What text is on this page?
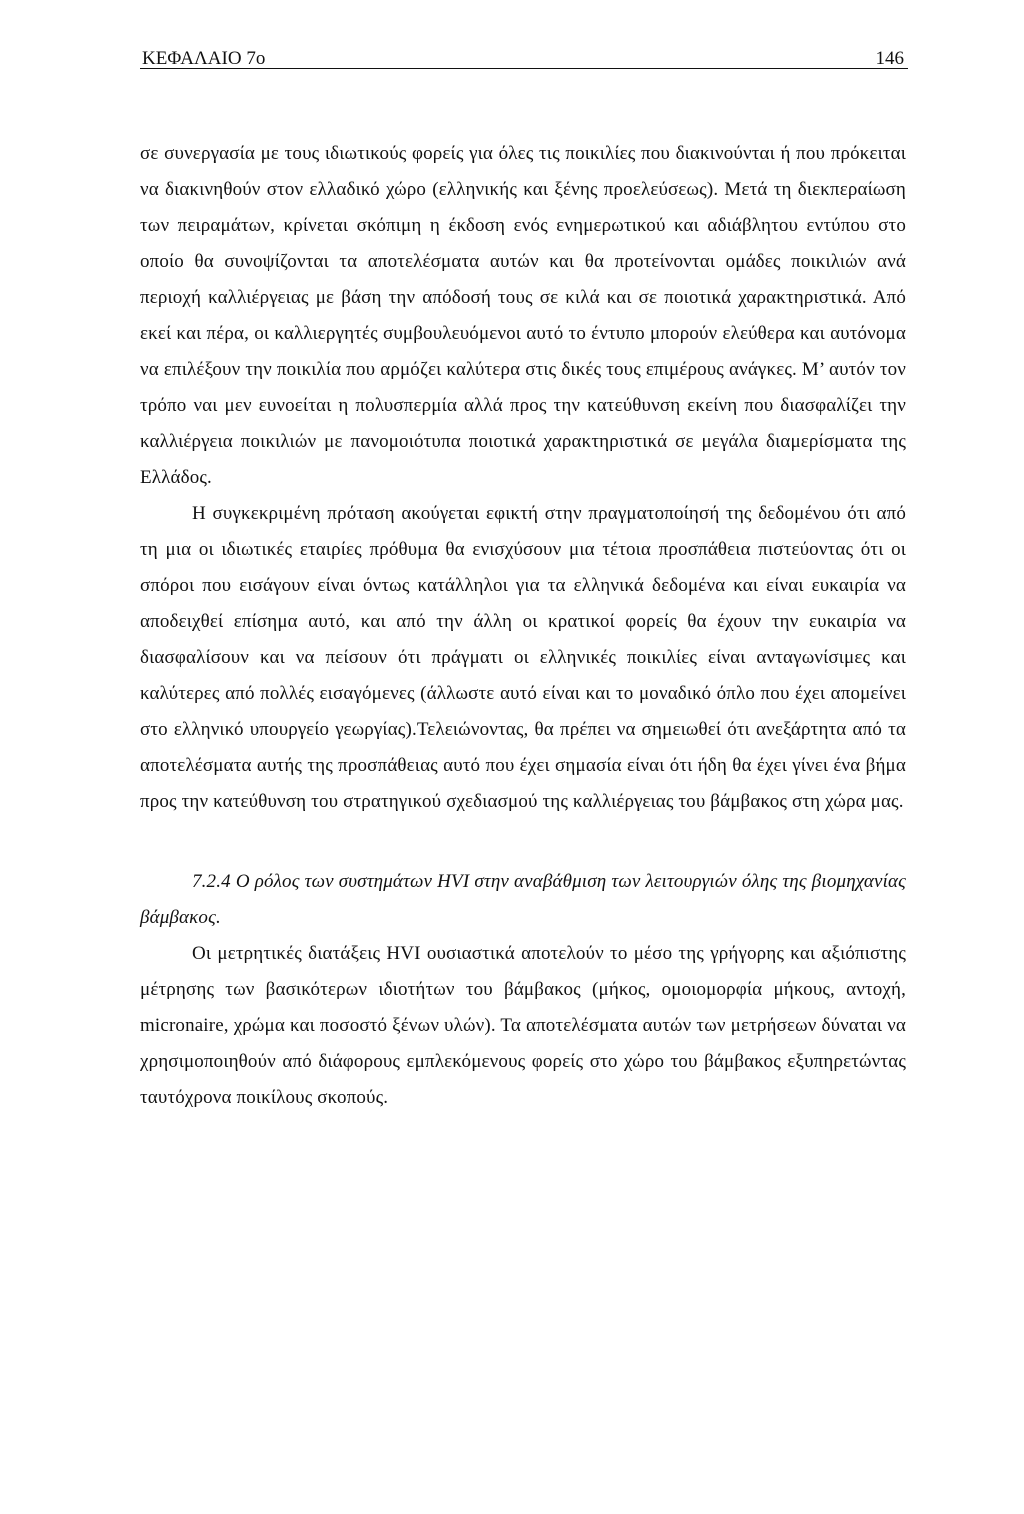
ΚΕΦΑΛΑΙΟ 7ο	146

σε συνεργασία με τους ιδιωτικούς φορείς για όλες τις ποικιλίες που διακινούνται ή που πρόκειται να διακινηθούν στον ελλαδικό χώρο (ελληνικής και ξένης προελεύσεως). Μετά τη διεκπεραίωση των πειραμάτων, κρίνεται σκόπιμη η έκδοση ενός ενημερωτικού και αδιάβλητου εντύπου στο οποίο θα συνοψίζονται τα αποτελέσματα αυτών και θα προτείνονται ομάδες ποικιλιών ανά περιοχή καλλιέργειας με βάση την απόδοσή τους σε κιλά και σε ποιοτικά χαρακτηριστικά. Από εκεί και πέρα, οι καλλιεργητές συμβουλευόμενοι αυτό το έντυπο μπορούν ελεύθερα και αυτόνομα να επιλέξουν την ποικιλία που αρμόζει καλύτερα στις δικές τους επιμέρους ανάγκες. Μ’ αυτόν τον τρόπο ναι μεν ευνοείται η πολυσπερμία αλλά προς την κατεύθυνση εκείνη που διασφαλίζει την καλλιέργεια ποικιλιών με πανομοιότυπα ποιοτικά χαρακτηριστικά σε μεγάλα διαμερίσματα της Ελλάδος.

Η συγκεκριμένη πρόταση ακούγεται εφικτή στην πραγματοποίησή της δεδομένου ότι από τη μια οι ιδιωτικές εταιρίες πρόθυμα θα ενισχύσουν μια τέτοια προσπάθεια πιστεύοντας ότι οι σπόροι που εισάγουν είναι όντως κατάλληλοι για τα ελληνικά δεδομένα και είναι ευκαιρία να αποδειχθεί επίσημα αυτό, και από την άλλη οι κρατικοί φορείς θα έχουν την ευκαιρία να διασφαλίσουν και να πείσουν ότι πράγματι οι ελληνικές ποικιλίες είναι ανταγωνίσιμες και καλύτερες από πολλές εισαγόμενες (άλλωστε αυτό είναι και το μοναδικό όπλο που έχει απομείνει στο ελληνικό υπουργείο γεωργίας).Τελειώνοντας, θα πρέπει να σημειωθεί ότι ανεξάρτητα από τα αποτελέσματα αυτής της προσπάθειας αυτό που έχει σημασία είναι ότι ήδη θα έχει γίνει ένα βήμα προς την κατεύθυνση του στρατηγικού σχεδιασμού της καλλιέργειας του βάμβακος στη χώρα μας.

7.2.4 Ο ρόλος των συστημάτων HVI στην αναβάθμιση των λειτουργιών όλης της βιομηχανίας βάμβακος.

Οι μετρητικές διατάξεις HVI ουσιαστικά αποτελούν το μέσο της γρήγορης και αξιόπιστης μέτρησης των βασικότερων ιδιοτήτων του βάμβακος (μήκος, ομοιομορφία μήκους, αντοχή, micronaire, χρώμα και ποσοστό ξένων υλών). Τα αποτελέσματα αυτών των μετρήσεων δύναται να χρησιμοποιηθούν από διάφορους εμπλεκόμενους φορείς στο χώρο του βάμβακος εξυπηρετώντας ταυτόχρονα ποικίλους σκοπούς.
